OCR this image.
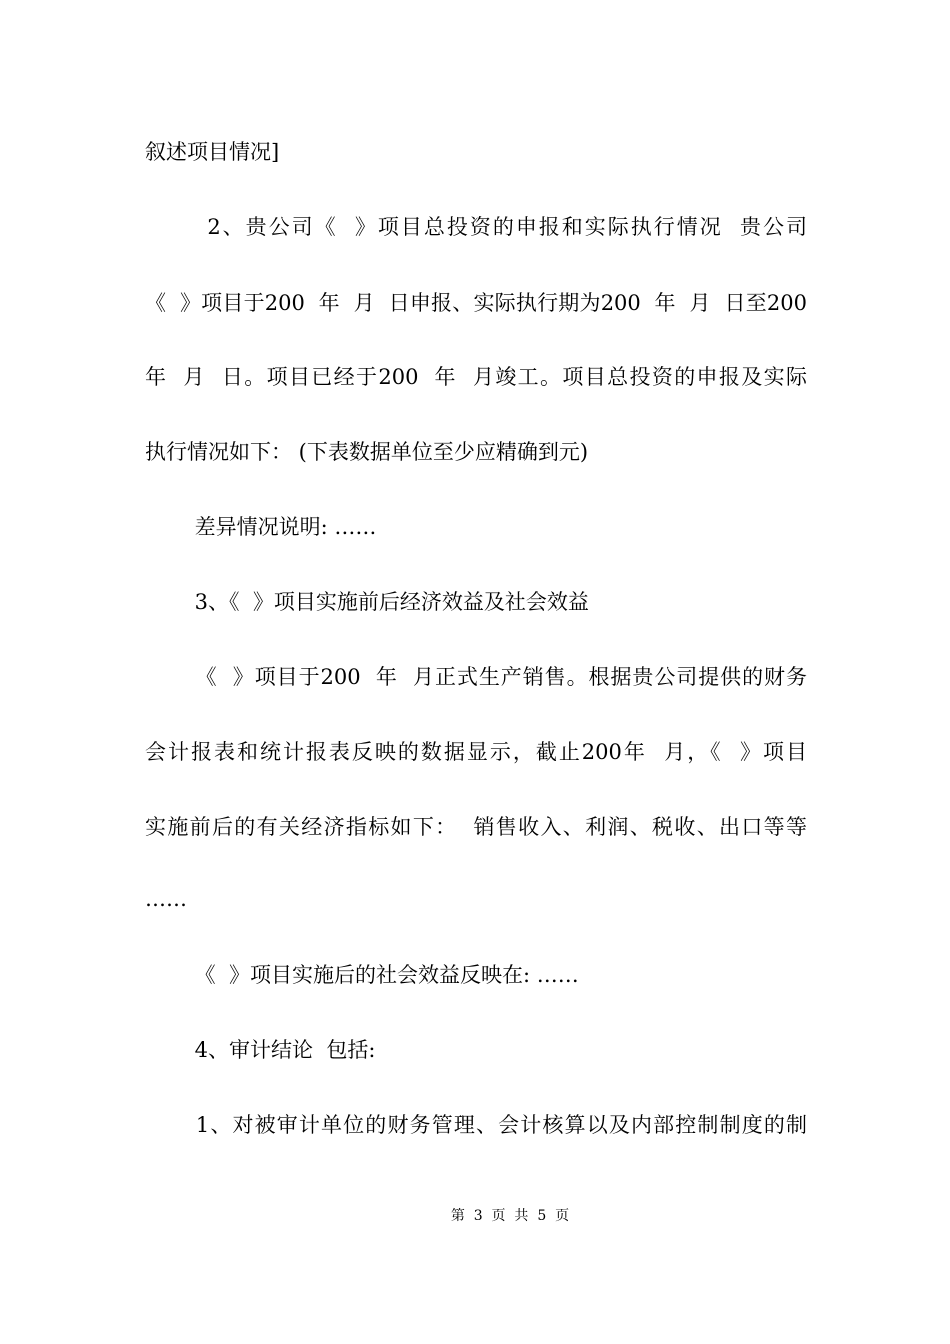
叙述项目情况]
2、贵公司《  》项目总投资的申报和实际执行情况  贵公司
《  》项目于200  年  月  日申报、实际执行期为200  年  月  日至200
年  月  日。项目已经于200  年  月竣工。项目总投资的申报及实际
执行情况如下： (下表数据单位至少应精确到元)
差异情况说明: ……
3、《  》项目实施前后经济效益及社会效益
《  》项目于200  年  月正式生产销售。根据贵公司提供的财务
会计报表和统计报表反映的数据显示，截止200年  月，《  》项目
实施前后的有关经济指标如下：  销售收入、利润、税收、出口等等
……
《  》项目实施后的社会效益反映在: ……
4、审计结论  包括:
1、对被审计单位的财务管理、会计核算以及内部控制制度的制
第  3  页  共  5  页
